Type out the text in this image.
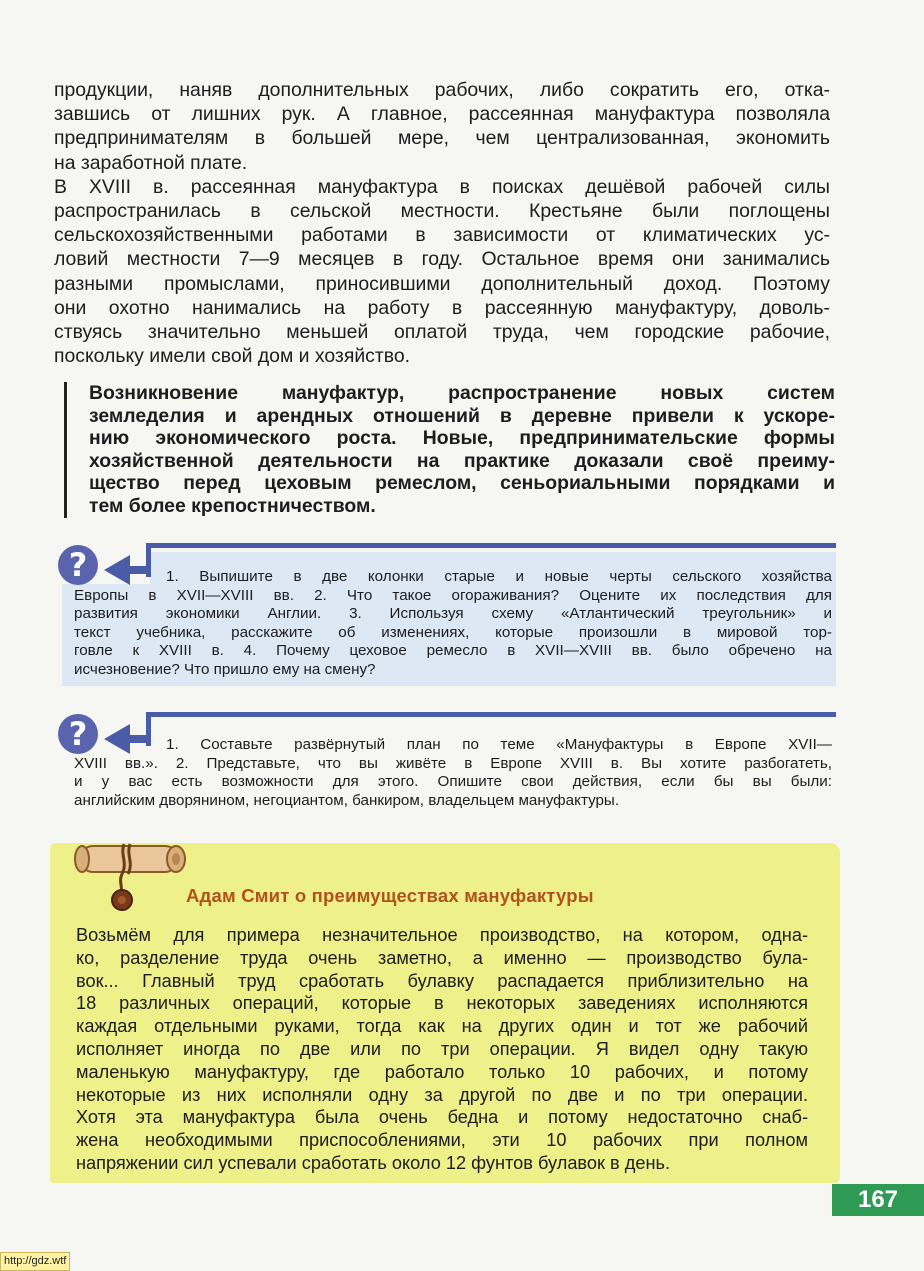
продукции, наняв дополнительных рабочих, либо сократить его, отка-
завшись от лишних рук. А главное, рассеянная мануфактура позволяла
предпринимателям в большей мере, чем централизованная, экономить
на заработной плате.
В XVIII в. рассеянная мануфактура в поисках дешёвой рабочей силы
распространилась в сельской местности. Крестьяне были поглощены
сельскохозяйственными работами в зависимости от климатических ус-
ловий местности 7—9 месяцев в году. Остальное время они занимались
разными промыслами, приносившими дополнительный доход. Поэтому
они охотно нанимались на работу в рассеянную мануфактуру, доволь-
ствуясь значительно меньшей оплатой труда, чем городские рабочие,
поскольку имели свой дом и хозяйство.
Возникновение мануфактур, распространение новых систем
земледелия и арендных отношений в деревне привели к ускоре-
нию экономического роста. Новые, предпринимательские формы
хозяйственной деятельности на практике доказали своё преиму-
щество перед цеховым ремеслом, сеньориальными порядками и
тем более крепостничеством.
?	1. Выпишите в две колонки старые и новые черты сельского хозяйства
Европы в XVII—XVIII вв. 2. Что такое огораживания? Оцените их последствия для
развития экономики Англии. 3. Используя схему «Атлантический треугольник» и
текст учебника, расскажите об изменениях, которые произошли в мировой тор-
говле к XVIII в. 4. Почему цеховое ремесло в XVII—XVIII вв. было обречено на
исчезновение? Что пришло ему на смену?
?	1. Составьте развёрнутый план по теме «Мануфактуры в Европе XVII—
XVIII вв.». 2. Представьте, что вы живёте в Европе XVIII в. Вы хотите разбогатеть,
и у вас есть возможности для этого. Опишите свои действия, если бы вы были:
английским дворянином, негоциантом, банкиром, владельцем мануфактуры.
Адам Смит о преимуществах мануфактуры
Возьмём для примера незначительное производство, на котором, одна-
ко, разделение труда очень заметно, а именно — производство була-
вок... Главный труд сработать булавку распадается приблизительно на
18 различных операций, которые в некоторых заведениях исполняются
каждая отдельными руками, тогда как на других один и тот же рабочий
исполняет иногда по две или по три операции. Я видел одну такую
маленькую мануфактуру, где работало только 10 рабочих, и потому
некоторые из них исполняли одну за другой по две и по три операции.
Хотя эта мануфактура была очень бедна и потому недостаточно снаб-
жена необходимыми приспособлениями, эти 10 рабочих при полном
напряжении сил успевали сработать около 12 фунтов булавок в день.
167
http://gdz.wtf
